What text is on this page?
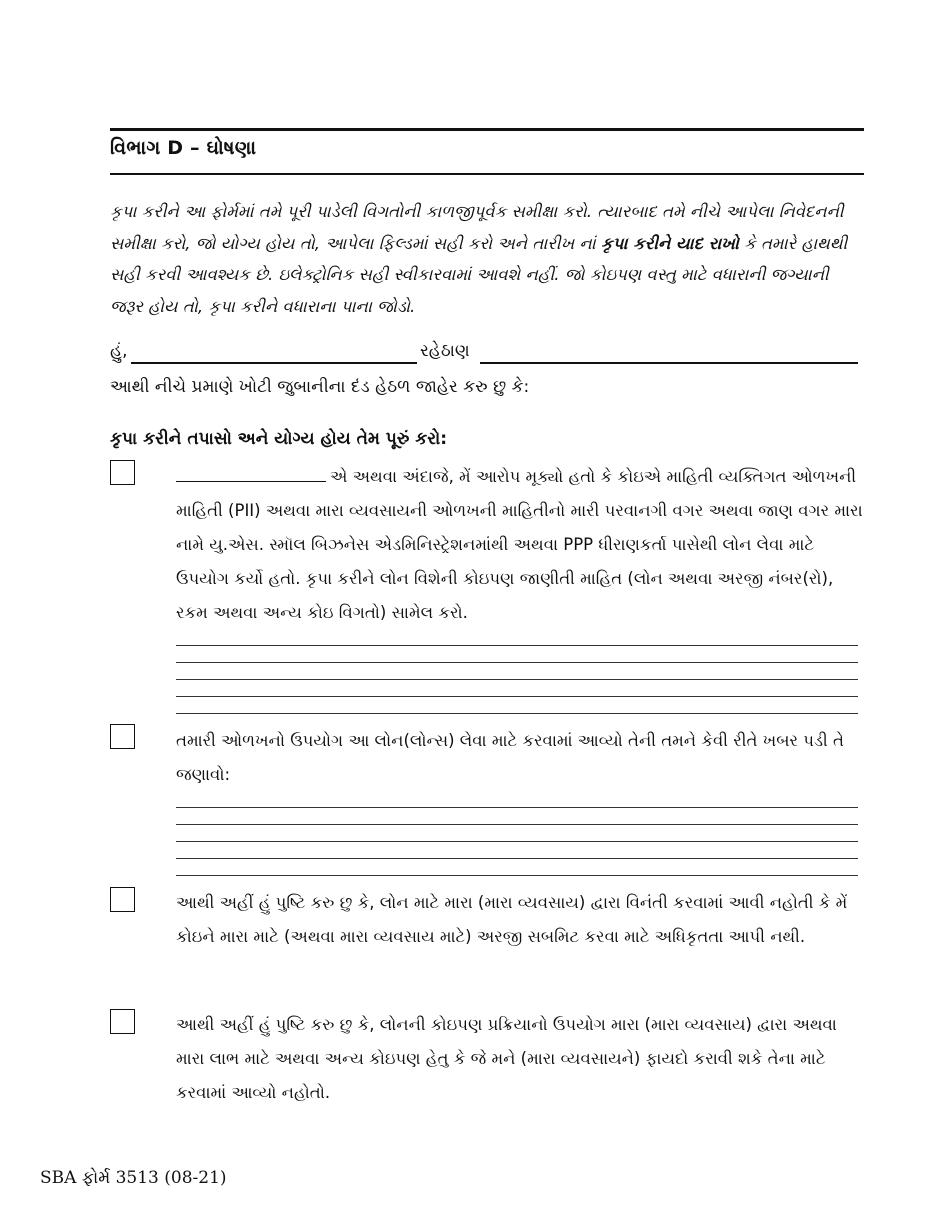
વિભાગ D – ઘોષણા

કૃપા કરીને આ ફોર્મમાં તમે પૂરી પાડેલી વિગતોની કાળજીપૂર્વક સમીક્ષા કરો. ત્યારબાદ તમે નીચે આપેલા નિવેદનની સમીક્ષા કરો, જો યોગ્ય હોય તો, આપેલા ફિલ્ડમાં સહી કરો અને તારીખ નાં કૃપા કરીને યાદ રાખો કે તમારે હાથથી સહી કરવી આવશ્યક છે. ઇલેક્ટ્રોનિક સહી સ્વીકારવામાં આવશે નહીં. જો કોઇપણ વસ્તુ માટે વધારાની જગ્યાની જરૂર હોય તો, કૃપા કરીને વધારાના પાના જોડો.

હું,	રહેઠાણ

આથી નીચે પ્રમાણે ખોટી જુબાનીના દંડ હેઠળ જાહેર કરુ છુ કે:

કૃપા કરીને તપાસો અને યોગ્ય હોય તેમ પૂરું કરો:

એ અથવા અંદાજે, મેં આરોપ મૂક્યો હતો કે કોઇએ માહિતી વ્યક્તિગત ઓળખની માહિતી (PII) અથવા મારા વ્યવસાયની ઓળખની માહિતીનો મારી પરવાનગી વગર અથવા જાણ વગર મારા નામે યુ.એસ. સ્મૉલ બિઝનેસ એડમિનિસ્ટ્રેશનમાંથી અથવા PPP ધીરાણકર્તા પાસેથી લોન લેવા માટે ઉપયોગ કર્યો હતો. કૃપા કરીને લોન વિશેની કોઇપણ જાણીતી માહિત (લોન અથવા અરજી નંબર(રો), રકમ અથવા અન્ય કોઇ વિગતો) સામેલ કરો.

તમારી ઓળખનો ઉપયોગ આ લોન(લોન્સ) લેવા માટે કરવામાં આવ્યો તેની તમને કેવી રીતે ખબર પડી તે જણાવો:

આથી અહીં હું પુષ્ટિ કરુ છુ કે, લોન માટે મારા (મારા વ્યવસાય) દ્વારા વિનંતી કરવામાં આવી નહોતી કે મેં કોઇને મારા માટે (અથવા મારા વ્યવસાય માટે) અરજી સબમિટ કરવા માટે અધિકૃતતા આપી નથી.

આથી અહીં હું પુષ્ટિ કરુ છુ કે, લોનની કોઇપણ પ્રક્રિયાનો ઉપયોગ મારા (મારા વ્યવસાય) દ્વારા અથવા મારા લાભ માટે અથવા અન્ય કોઇપણ હેતુ કે જે મને (મારા વ્યવસાયને) ફાયદો કરાવી શકે તેના માટે કરવામાં આવ્યો નહોતો.

SBA ફોર્મ 3513 (08-21)
